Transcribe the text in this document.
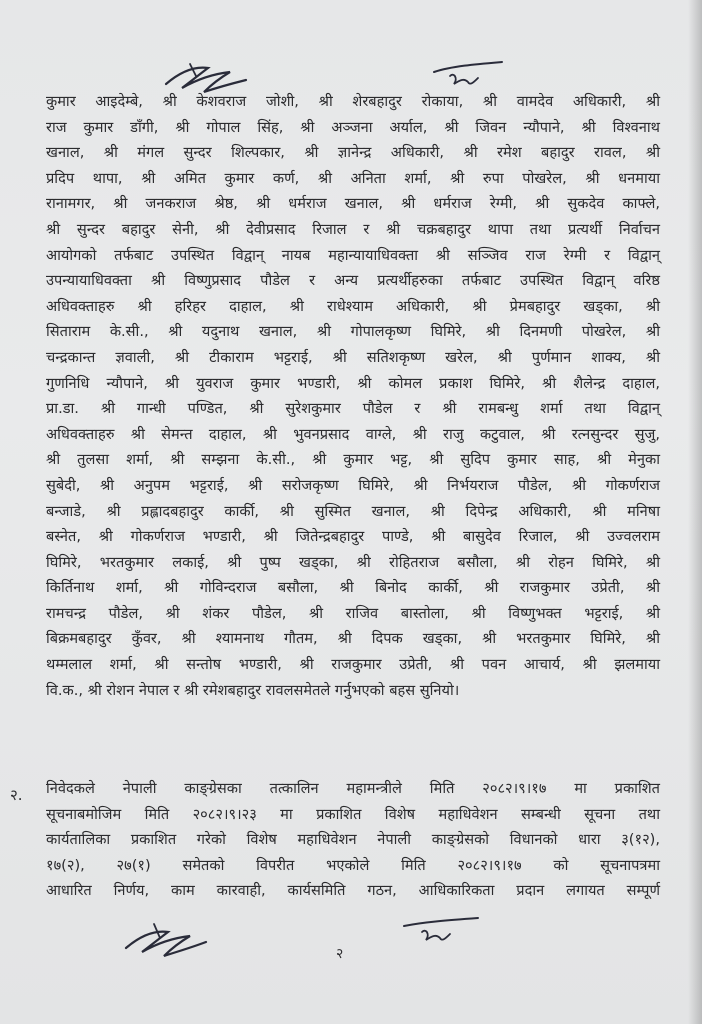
कुमार आइदेम्बे, श्री केशवराज जोशी, श्री शेरबहादुर रोकाया, श्री वामदेव अधिकारी, श्री
राज कुमार डाँगी, श्री गोपाल सिंह, श्री अञ्जना अर्याल, श्री जिवन न्यौपाने, श्री विश्वनाथ
खनाल, श्री मंगल सुन्दर शिल्पकार, श्री ज्ञानेन्द्र अधिकारी, श्री रमेश बहादुर रावल, श्री
प्रदिप थापा, श्री अमित कुमार कर्ण, श्री अनिता शर्मा, श्री रुपा पोखरेल, श्री धनमाया
रानामगर, श्री जनकराज श्रेष्ठ, श्री धर्मराज खनाल, श्री धर्मराज रेग्मी, श्री सुकदेव काफ्ले,
श्री सुन्दर बहादुर सेनी, श्री देवीप्रसाद रिजाल र श्री चक्रबहादुर थापा तथा प्रत्यर्थी निर्वाचन
आयोगको तर्फबाट उपस्थित विद्वान् नायब महान्यायाधिवक्ता श्री सञ्जिव राज रेग्मी र विद्वान्
उपन्यायाधिवक्ता श्री विष्णुप्रसाद पौडेल र अन्य प्रत्यर्थीहरुका तर्फबाट उपस्थित विद्वान् वरिष्ठ
अधिवक्ताहरु श्री हरिहर दाहाल, श्री राधेश्याम अधिकारी, श्री प्रेमबहादुर खड्का, श्री
सिताराम के.सी., श्री यदुनाथ खनाल, श्री गोपालकृष्ण घिमिरे, श्री दिनमणी पोखरेल, श्री
चन्द्रकान्त ज्ञवाली, श्री टीकाराम भट्टराई, श्री सतिशकृष्ण खरेल, श्री पुर्णमान शाक्य, श्री
गुणनिधि न्यौपाने, श्री युवराज कुमार भण्डारी, श्री कोमल प्रकाश घिमिरे, श्री शैलेन्द्र दाहाल,
प्रा.डा. श्री गान्धी पण्डित, श्री सुरेशकुमार पौडेल र श्री रामबन्धु शर्मा तथा विद्वान्
अधिवक्ताहरु श्री सेमन्त दाहाल, श्री भुवनप्रसाद वाग्ले, श्री राजु कटुवाल, श्री रत्नसुन्दर सुजु,
श्री तुलसा शर्मा, श्री सम्झना के.सी., श्री कुमार भट्ट, श्री सुदिप कुमार साह, श्री मेनुका
सुबेदी, श्री अनुपम भट्टराई, श्री सरोजकृष्ण घिमिरे, श्री निर्भयराज पौडेल, श्री गोकर्णराज
बन्जाडे, श्री प्रह्लादबहादुर कार्की, श्री सुस्मित खनाल, श्री दिपेन्द्र अधिकारी, श्री मनिषा
बस्नेत, श्री गोकर्णराज भण्डारी, श्री जितेन्द्रबहादुर पाण्डे, श्री बासुदेव रिजाल, श्री उज्वलराम
घिमिरे, भरतकुमार लकाई, श्री पुष्प खड्का, श्री रोहितराज बसौला, श्री रोहन घिमिरे, श्री
किर्तिनाथ शर्मा, श्री गोविन्दराज बसौला, श्री बिनोद कार्की, श्री राजकुमार उप्रेती, श्री
रामचन्द्र पौडेल, श्री शंकर पौडेल, श्री राजिव बास्तोला, श्री विष्णुभक्त भट्टराई, श्री
बिक्रमबहादुर कुँवर, श्री श्यामनाथ गौतम, श्री दिपक खड्का, श्री भरतकुमार घिमिरे, श्री
थम्मलाल शर्मा, श्री सन्तोष भण्डारी, श्री राजकुमार उप्रेती, श्री पवन आचार्य, श्री झलमाया
वि.क., श्री रोशन नेपाल र श्री रमेशबहादुर रावलसमेतले गर्नुभएको बहस सुनियो।
२. निवेदकले नेपाली काङ्ग्रेसका तत्कालिन महामन्त्रीले मिति २०८२।९।१७ मा प्रकाशित
सूचनाबमोजिम मिति २०८२।९।२३ मा प्रकाशित विशेष महाधिवेशन सम्बन्धी सूचना तथा
कार्यतालिका प्रकाशित गरेको विशेष महाधिवेशन नेपाली काङ्ग्रेसको विधानको धारा ३(१२),
१७(२), २७(१) समेतको विपरीत भएकोले मिति २०८२।९।१७ को सूचनापत्रमा
आधारित निर्णय, काम कारवाही, कार्यसमिति गठन, आधिकारिकता प्रदान लगायत सम्पूर्ण
२
